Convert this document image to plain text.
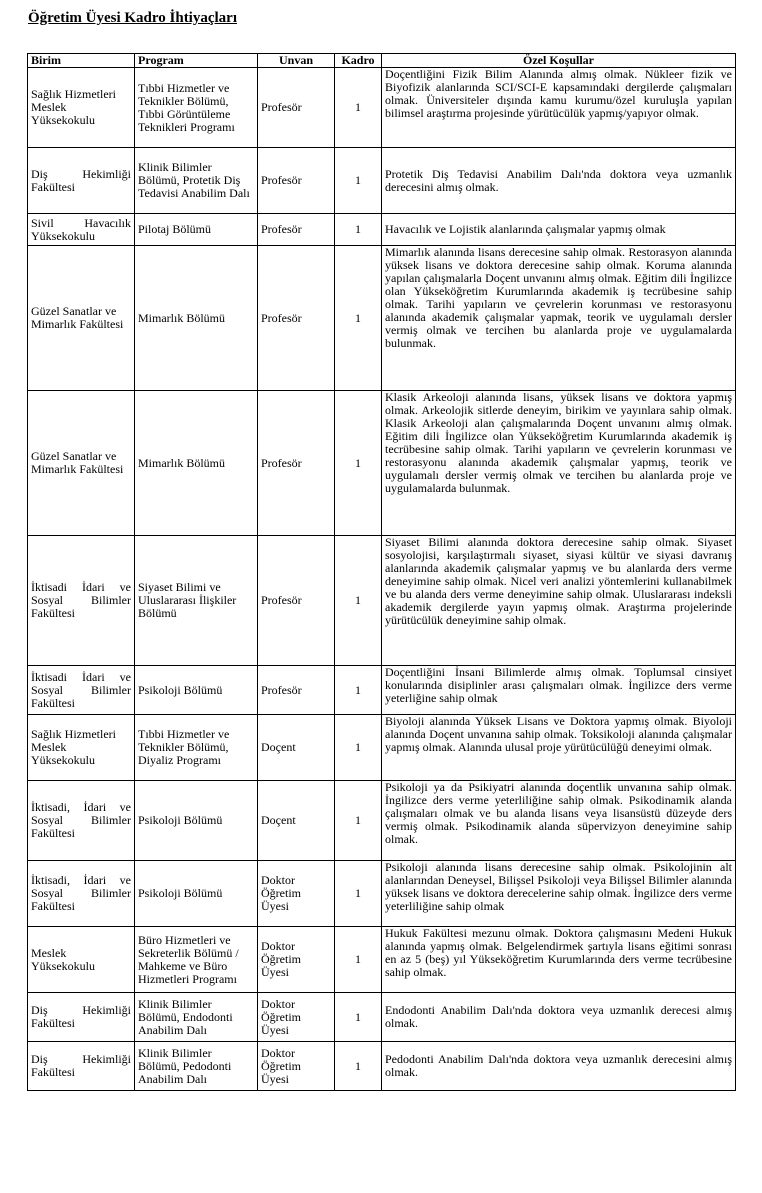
Öğretim Üyesi Kadro İhtiyaçları
Birim	Program	Unvan	Kadro	Özel Koşullar
Sağlık Hizmetleri Meslek Yüksekokulu	Tıbbi Hizmetler ve Teknikler Bölümü, Tıbbi Görüntüleme Teknikleri Programı	Profesör	1	Doçentliğini Fizik Bilim Alanında almış olmak. Nükleer fizik ve Biyofizik alanlarında SCI/SCI-E kapsamındaki dergilerde çalışmaları olmak. Üniversiteler dışında kamu kurumu/özel kuruluşla yapılan bilimsel araştırma projesinde yürütücülük yapmış/yapıyor olmak.
Diş Hekimliği Fakültesi	Klinik Bilimler Bölümü, Protetik Diş Tedavisi Anabilim Dalı	Profesör	1	Protetik Diş Tedavisi Anabilim Dalı'nda doktora veya uzmanlık derecesini almış olmak.
Sivil Havacılık Yüksekokulu	Pilotaj Bölümü	Profesör	1	Havacılık ve Lojistik alanlarında çalışmalar yapmış olmak
Güzel Sanatlar ve Mimarlık Fakültesi	Mimarlık Bölümü	Profesör	1	Mimarlık alanında lisans derecesine sahip olmak. Restorasyon alanında yüksek lisans ve doktora derecesine sahip olmak. Koruma alanında yapılan çalışmalarla Doçent unvanını almış olmak. Eğitim dili İngilizce olan Yükseköğretim Kurumlarında akademik iş tecrübesine sahip olmak. Tarihi yapıların ve çevrelerin korunması ve restorasyonu alanında akademik çalışmalar yapmak, teorik ve uygulamalı dersler vermiş olmak ve tercihen bu alanlarda proje ve uygulamalarda bulunmak.
Güzel Sanatlar ve Mimarlık Fakültesi	Mimarlık Bölümü	Profesör	1	Klasik Arkeoloji alanında lisans, yüksek lisans ve doktora yapmış olmak. Arkeolojik sitlerde deneyim, birikim ve yayınlara sahip olmak. Klasik Arkeoloji alan çalışmalarında Doçent unvanını almış olmak. Eğitim dili İngilizce olan Yükseköğretim Kurumlarında akademik iş tecrübesine sahip olmak. Tarihi yapıların ve çevrelerin korunması ve restorasyonu alanında akademik çalışmalar yapmış, teorik ve uygulamalı dersler vermiş olmak ve tercihen bu alanlarda proje ve uygulamalarda bulunmak.
İktisadi İdari ve Sosyal Bilimler Fakültesi	Siyaset Bilimi ve Uluslararası İlişkiler Bölümü	Profesör	1	Siyaset Bilimi alanında doktora derecesine sahip olmak. Siyaset sosyolojisi, karşılaştırmalı siyaset, siyasi kültür ve siyasi davranış alanlarında akademik çalışmalar yapmış ve bu alanlarda ders verme deneyimine sahip olmak. Nicel veri analizi yöntemlerini kullanabilmek ve bu alanda ders verme deneyimine sahip olmak. Uluslararası indeksli akademik dergilerde yayın yapmış olmak. Araştırma projelerinde yürütücülük deneyimine sahip olmak.
İktisadi İdari ve Sosyal Bilimler Fakültesi	Psikoloji Bölümü	Profesör	1	Doçentliğini İnsani Bilimlerde almış olmak. Toplumsal cinsiyet konularında disiplinler arası çalışmaları olmak. İngilizce ders verme yeterliğine sahip olmak
Sağlık Hizmetleri Meslek Yüksekokulu	Tıbbi Hizmetler ve Teknikler Bölümü, Diyaliz Programı	Doçent	1	Biyoloji alanında Yüksek Lisans ve Doktora yapmış olmak. Biyoloji alanında Doçent unvanına sahip olmak. Toksikoloji alanında çalışmalar yapmış olmak. Alanında ulusal proje yürütücülüğü deneyimi olmak.
İktisadi, İdari ve Sosyal Bilimler Fakültesi	Psikoloji Bölümü	Doçent	1	Psikoloji ya da Psikiyatri alanında doçentlik unvanına sahip olmak. İngilizce ders verme yeterliliğine sahip olmak. Psikodinamik alanda çalışmaları olmak ve bu alanda lisans veya lisansüstü düzeyde ders vermiş olmak. Psikodinamik alanda süpervizyon deneyimine sahip olmak.
İktisadi, İdari ve Sosyal Bilimler Fakültesi	Psikoloji Bölümü	Doktor Öğretim Üyesi	1	Psikoloji alanında lisans derecesine sahip olmak. Psikolojinin alt alanlarından Deneysel, Bilişsel Psikoloji veya Bilişsel Bilimler alanında yüksek lisans ve doktora derecelerine sahip olmak. İngilizce ders verme yeterliliğine sahip olmak
Meslek Yüksekokulu	Büro Hizmetleri ve Sekreterlik Bölümü / Mahkeme ve Büro Hizmetleri Programı	Doktor Öğretim Üyesi	1	Hukuk Fakültesi mezunu olmak. Doktora çalışmasını Medeni Hukuk alanında yapmış olmak. Belgelendirmek şartıyla lisans eğitimi sonrası en az 5 (beş) yıl Yükseköğretim Kurumlarında ders verme tecrübesine sahip olmak.
Diş Hekimliği Fakültesi	Klinik Bilimler Bölümü, Endodonti Anabilim Dalı	Doktor Öğretim Üyesi	1	Endodonti Anabilim Dalı'nda doktora veya uzmanlık derecesi almış olmak.
Diş Hekimliği Fakültesi	Klinik Bilimler Bölümü, Pedodonti Anabilim Dalı	Doktor Öğretim Üyesi	1	Pedodonti Anabilim Dalı'nda doktora veya uzmanlık derecesini almış olmak.
